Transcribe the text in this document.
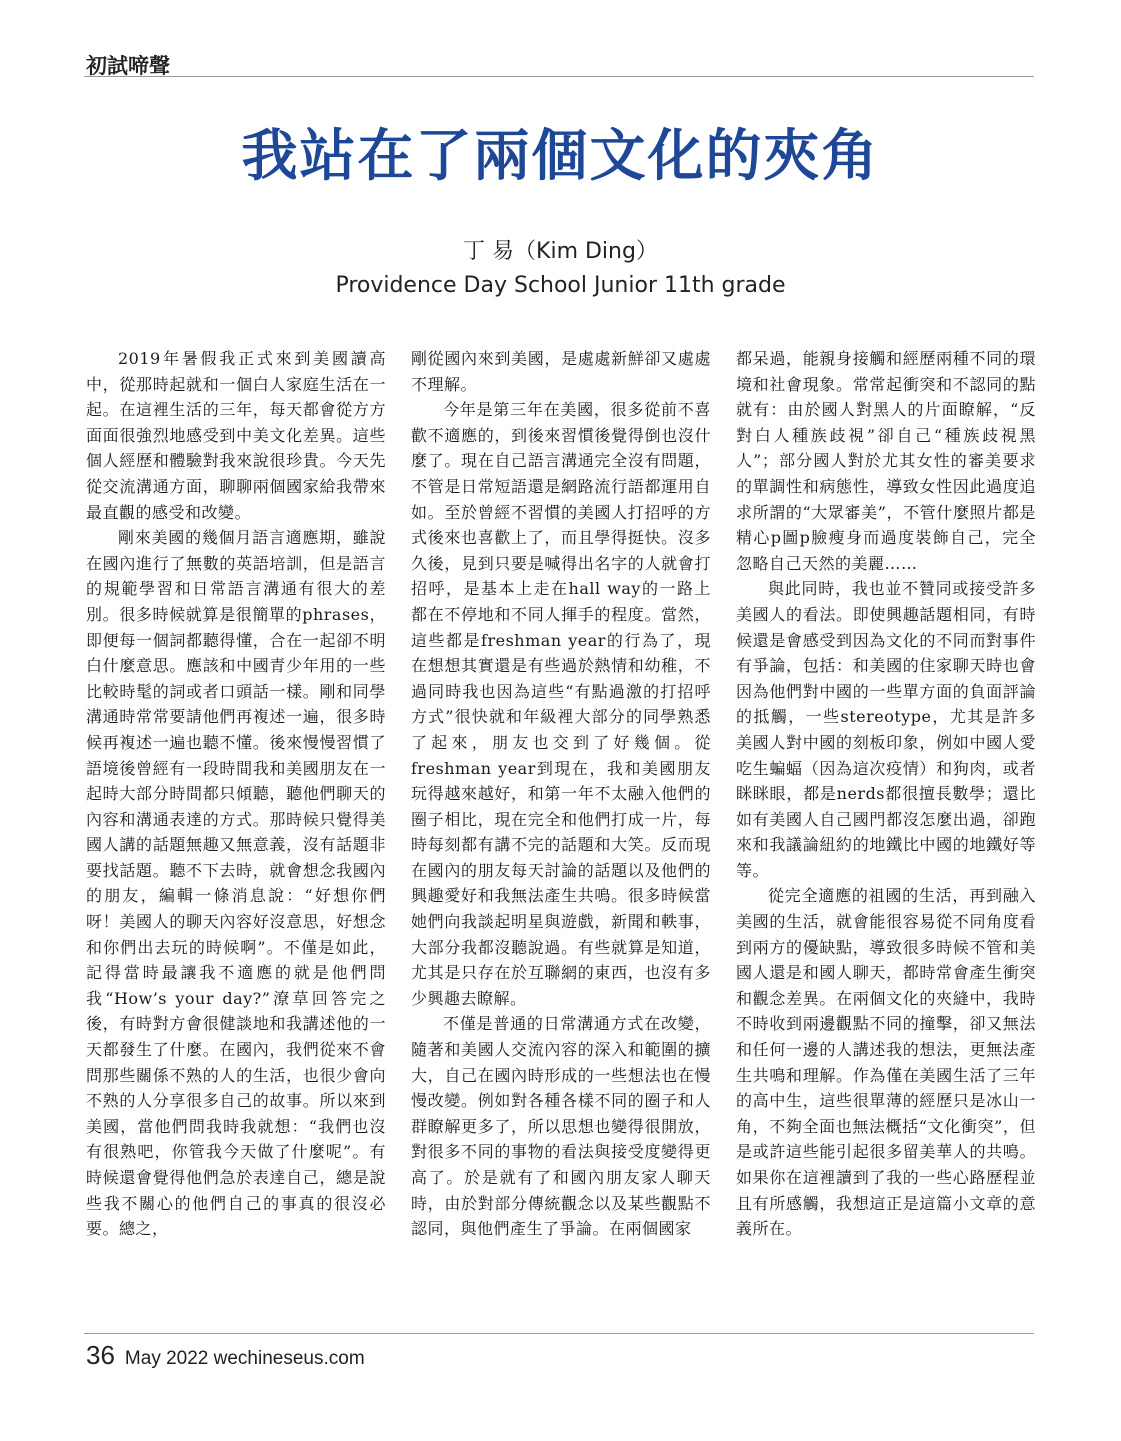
初試啼聲
我站在了兩個文化的夾角
丁 易（Kim Ding）
Providence Day School Junior 11th grade

2019年暑假我正式來到美國讀高中，從那時起就和一個白人家庭生活在一起。在這裡生活的三年，每天都會從方方面面很強烈地感受到中美文化差異。這些個人經歷和體驗對我來說很珍貴。今天先從交流溝通方面，聊聊兩個國家給我帶來最直觀的感受和改變。

剛來美國的幾個月語言適應期，雖說在國內進行了無數的英語培訓，但是語言的規範學習和日常語言溝通有很大的差別。很多時候就算是很簡單的phrases，即便每一個詞都聽得懂，合在一起卻不明白什麼意思。應該和中國青少年用的一些比較時髦的詞或者口頭話一樣。剛和同學溝通時常常要請他們再複述一遍，很多時候再複述一遍也聽不懂。後來慢慢習慣了語境後曾經有一段時間我和美國朋友在一起時大部分時間都只傾聽，聽他們聊天的內容和溝通表達的方式。那時候只覺得美國人講的話題無趣又無意義，沒有話題非要找話題。聽不下去時，就會想念我國內的朋友，編輯一條消息說：“好想你們呀！美國人的聊天內容好沒意思，好想念和你們出去玩的時候啊”。不僅是如此，記得當時最讓我不適應的就是他們問我“How’s your day?”潦草回答完之後，有時對方會很健談地和我講述他的一天都發生了什麼。在國內，我們從來不會問那些關係不熟的人的生活，也很少會向不熟的人分享很多自己的故事。所以來到美國，當他們問我時我就想：“我們也沒有很熟吧，你管我今天做了什麼呢”。有時候還會覺得他們急於表達自己，總是說些我不關心的他們自己的事真的很沒必要。總之，

剛從國內來到美國，是處處新鮮卻又處處不理解。

今年是第三年在美國，很多從前不喜歡不適應的，到後來習慣後覺得倒也沒什麼了。現在自己語言溝通完全沒有問題，不管是日常短語還是網路流行語都運用自如。至於曾經不習慣的美國人打招呼的方式後來也喜歡上了，而且學得挺快。沒多久後，見到只要是喊得出名字的人就會打招呼，是基本上走在hall way的一路上都在不停地和不同人揮手的程度。當然，這些都是freshman year的行為了，現在想想其實還是有些過於熱情和幼稚，不過同時我也因為這些“有點過激的打招呼方式”很快就和年級裡大部分的同學熟悉了起來，朋友也交到了好幾個。從freshman year到現在，我和美國朋友玩得越來越好，和第一年不太融入他們的圈子相比，現在完全和他們打成一片，每時每刻都有講不完的話題和大笑。反而現在國內的朋友每天討論的話題以及他們的興趣愛好和我無法產生共鳴。很多時候當她們向我談起明星與遊戲，新聞和軼事，大部分我都沒聽說過。有些就算是知道，尤其是只存在於互聯網的東西，也沒有多少興趣去瞭解。

不僅是普通的日常溝通方式在改變，隨著和美國人交流內容的深入和範圍的擴大，自己在國內時形成的一些想法也在慢慢改變。例如對各種各樣不同的圈子和人群瞭解更多了，所以思想也變得很開放，對很多不同的事物的看法與接受度變得更高了。於是就有了和國內朋友家人聊天時，由於對部分傳統觀念以及某些觀點不認同，與他們產生了爭論。在兩個國家

都呆過，能親身接觸和經歷兩種不同的環境和社會現象。常常起衝突和不認同的點就有：由於國人對黑人的片面瞭解，“反對白人種族歧視”卻自己“種族歧視黑人”；部分國人對於尤其女性的審美要求的單調性和病態性，導致女性因此過度追求所謂的“大眾審美”，不管什麼照片都是精心p圖p臉瘦身而過度裝飾自己，完全忽略自己天然的美麗……

與此同時，我也並不贊同或接受許多美國人的看法。即使興趣話題相同，有時候還是會感受到因為文化的不同而對事件有爭論，包括：和美國的住家聊天時也會因為他們對中國的一些單方面的負面評論的抵觸，一些stereotype，尤其是許多美國人對中國的刻板印象，例如中國人愛吃生蝙蝠（因為這次疫情）和狗肉，或者眯眯眼，都是nerds都很擅長數學；還比如有美國人自己國門都沒怎麼出過，卻跑來和我議論紐約的地鐵比中國的地鐵好等等。

從完全適應的祖國的生活，再到融入美國的生活，就會能很容易從不同角度看到兩方的優缺點，導致很多時候不管和美國人還是和國人聊天，都時常會產生衝突和觀念差異。在兩個文化的夾縫中，我時不時收到兩邊觀點不同的撞擊，卻又無法和任何一邊的人講述我的想法，更無法產生共鳴和理解。作為僅在美國生活了三年的高中生，這些很單薄的經歷只是冰山一角，不夠全面也無法概括“文化衝突”，但是或許這些能引起很多留美華人的共鳴。如果你在這裡讀到了我的一些心路歷程並且有所感觸，我想這正是這篇小文章的意義所在。

36 May 2022 wechineseus.com
